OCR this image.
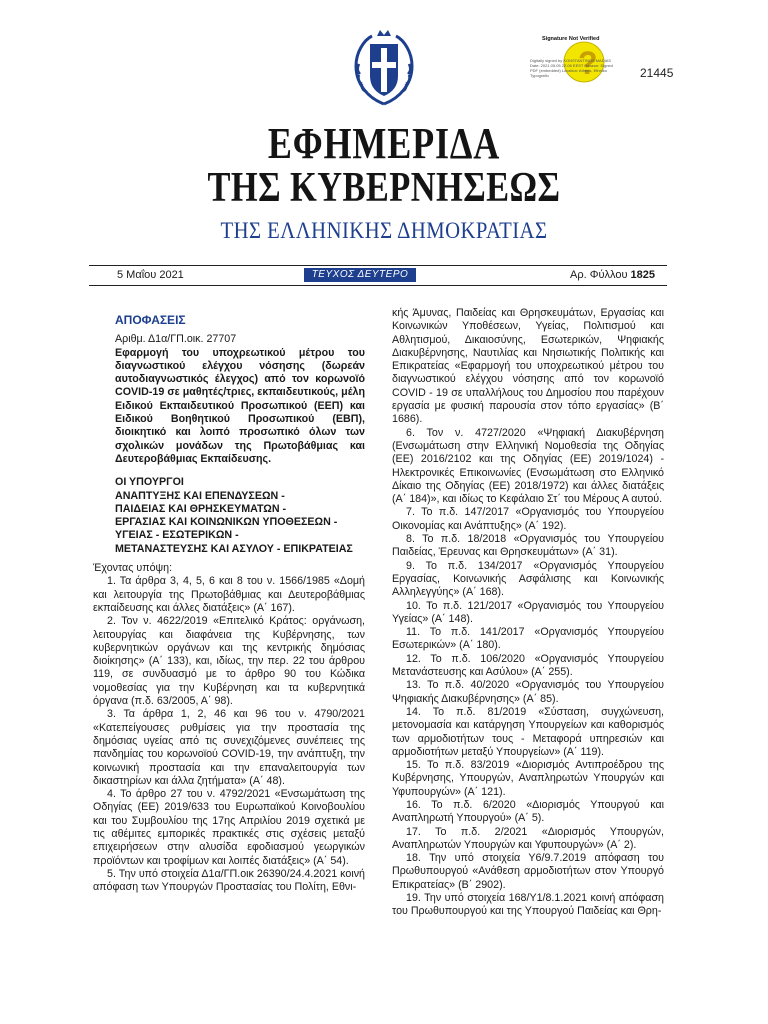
?
Signature Not Verified
Digitally signed by KONSTANTINOS MADIAS Date: 2021.05.05 22:06 EEST Reason: Signed PDF (embedded) Location: Athens, Ethniko Typografio	21445
ΕΦΗΜΕΡΙΔΑ
ΤΗΣ ΚΥΒΕΡΝΗΣΕΩΣ
ΤΗΣ ΕΛΛΗΝΙΚΗΣ ΔΗΜΟΚΡΑΤΙΑΣ
5 Μαΐου 2021	ΤΕΥΧΟΣ ΔΕΥΤΕΡΟ	Αρ. Φύλλου 1825

ΑΠΟΦΑΣΕΙΣ

Αριθμ. Δ1α/ΓΠ.οικ. 27707

Εφαρμογή του υποχρεωτικού μέτρου του διαγνωστικού ελέγχου νόσησης (δωρεάν αυτοδιαγνωστικός έλεγχος) από τον κορωνοϊό COVID-19 σε μαθητές/τριες, εκπαιδευτικούς, μέλη Ειδικού Εκπαιδευτικού Προσωπικού (ΕΕΠ) και Ειδικού Βοηθητικού Προσωπικού (ΕΒΠ), διοικητικό και λοιπό προσωπικό όλων των σχολικών μονάδων της Πρωτοβάθμιας και Δευτεροβάθμιας Εκπαίδευσης.

ΟΙ ΥΠΟΥΡΓΟΙ

ΑΝΑΠΤΥΞΗΣ ΚΑΙ ΕΠΕΝΔΥΣΕΩΝ -

ΠΑΙΔΕΙΑΣ ΚΑΙ ΘΡΗΣΚΕΥΜΑΤΩΝ -

ΕΡΓΑΣΙΑΣ ΚΑΙ ΚΟΙΝΩΝΙΚΩΝ ΥΠΟΘΕΣΕΩΝ -

ΥΓΕΙΑΣ - ΕΣΩΤΕΡΙΚΩΝ -

ΜΕΤΑΝΑΣΤΕΥΣΗΣ ΚΑΙ ΑΣΥΛΟΥ - ΕΠΙΚΡΑΤΕΙΑΣ

Έχοντας υπόψη:

1. Τα άρθρα 3, 4, 5, 6 και 8 του ν. 1566/1985 «Δομή και λειτουργία της Πρωτοβάθμιας και Δευτεροβάθμιας εκπαίδευσης και άλλες διατάξεις» (Α΄ 167).

2. Τον ν. 4622/2019 «Επιτελικό Κράτος: οργάνωση, λειτουργίας και διαφάνεια της Κυβέρνησης, των κυβερνητικών οργάνων και της κεντρικής δημόσιας διοίκησης» (Α΄ 133), και, ιδίως, την περ. 22 του άρθρου 119, σε συνδυασμό με το άρθρο 90 του Κώδικα νομοθεσίας για την Κυβέρνηση και τα κυβερνητικά όργανα (π.δ. 63/2005, Α΄ 98).

3. Τα άρθρα 1, 2, 46 και 96 του ν. 4790/2021 «Κατεπείγουσες ρυθμίσεις για την προστασία της δημόσιας υγείας από τις συνεχιζόμενες συνέπειες της πανδημίας του κορωνοϊού COVID-19, την ανάπτυξη, την κοινωνική προστασία και την επαναλειτουργία των δικαστηρίων και άλλα ζητήματα» (Α΄ 48).

4. Το άρθρο 27 του ν. 4792/2021 «Ενσωμάτωση της Οδηγίας (ΕΕ) 2019/633 του Ευρωπαϊκού Κοινοβουλίου και του Συμβουλίου της 17ης Απριλίου 2019 σχετικά με τις αθέμιτες εμπορικές πρακτικές στις σχέσεις μεταξύ επιχειρήσεων στην αλυσίδα εφοδιασμού γεωργικών προϊόντων και τροφίμων και λοιπές διατάξεις» (Α΄ 54).

5. Την υπό στοιχεία Δ1α/ΓΠ.οικ 26390/24.4.2021 κοινή απόφαση των Υπουργών Προστασίας του Πολίτη, Εθνι-

κής Άμυνας, Παιδείας και Θρησκευμάτων, Εργασίας και Κοινωνικών Υποθέσεων, Υγείας, Πολιτισμού και Αθλητισμού, Δικαιοσύνης, Εσωτερικών, Ψηφιακής Διακυβέρνησης, Ναυτιλίας και Νησιωτικής Πολιτικής και Επικρατείας «Εφαρμογή του υποχρεωτικού μέτρου του διαγνωστικού ελέγχου νόσησης από τον κορωνοϊό COVID - 19 σε υπαλλήλους του Δημοσίου που παρέχουν εργασία με φυσική παρουσία στον τόπο εργασίας» (Β΄ 1686).

6. Τον ν. 4727/2020 «Ψηφιακή Διακυβέρνηση (Ενσωμάτωση στην Ελληνική Νομοθεσία της Οδηγίας (ΕΕ) 2016/2102 και της Οδηγίας (ΕΕ) 2019/1024) - Ηλεκτρονικές Επικοινωνίες (Ενσωμάτωση στο Ελληνικό Δίκαιο της Οδηγίας (ΕΕ) 2018/1972) και άλλες διατάξεις (Α΄ 184)», και ιδίως το Κεφάλαιο Στ΄ του Μέρους Α αυτού.

7. Το π.δ. 147/2017 «Οργανισμός του Υπουργείου Οικονομίας και Ανάπτυξης» (Α΄ 192).

8. Το π.δ. 18/2018 «Οργανισμός του Υπουργείου Παιδείας, Έρευνας και Θρησκευμάτων» (Α΄ 31).

9. Το π.δ. 134/2017 «Οργανισμός Υπουργείου Εργασίας, Κοινωνικής Ασφάλισης και Κοινωνικής Αλληλεγγύης» (Α΄ 168).

10. Το π.δ. 121/2017 «Οργανισμός του Υπουργείου Υγείας» (Α΄ 148).

11. Το π.δ. 141/2017 «Οργανισμός Υπουργείου Εσωτερικών» (Α΄ 180).

12. Το π.δ. 106/2020 «Οργανισμός Υπουργείου Μετανάστευσης και Ασύλου» (Α΄ 255).

13. Το π.δ. 40/2020 «Οργανισμός του Υπουργείου Ψηφιακής Διακυβέρνησης» (Α΄ 85).

14. Το π.δ. 81/2019 «Σύσταση, συγχώνευση, μετονομασία και κατάργηση Υπουργείων και καθορισμός των αρμοδιοτήτων τους - Μεταφορά υπηρεσιών και αρμοδιοτήτων μεταξύ Υπουργείων» (Α΄ 119).

15. Το π.δ. 83/2019 «Διορισμός Αντιπροέδρου της Κυβέρνησης, Υπουργών, Αναπληρωτών Υπουργών και Υφυπουργών» (Α΄ 121).

16. Το π.δ. 6/2020 «Διορισμός Υπουργού και Αναπληρωτή Υπουργού» (Α΄ 5).

17. Το π.δ. 2/2021 «Διορισμός Υπουργών, Αναπληρωτών Υπουργών και Υφυπουργών» (Α΄ 2).

18. Την υπό στοιχεία Υ6/9.7.2019 απόφαση του Πρωθυπουργού «Ανάθεση αρμοδιοτήτων στον Υπουργό Επικρατείας» (Β΄ 2902).

19. Την υπό στοιχεία 168/Υ1/8.1.2021 κοινή απόφαση του Πρωθυπουργού και της Υπουργού Παιδείας και Θρη-
